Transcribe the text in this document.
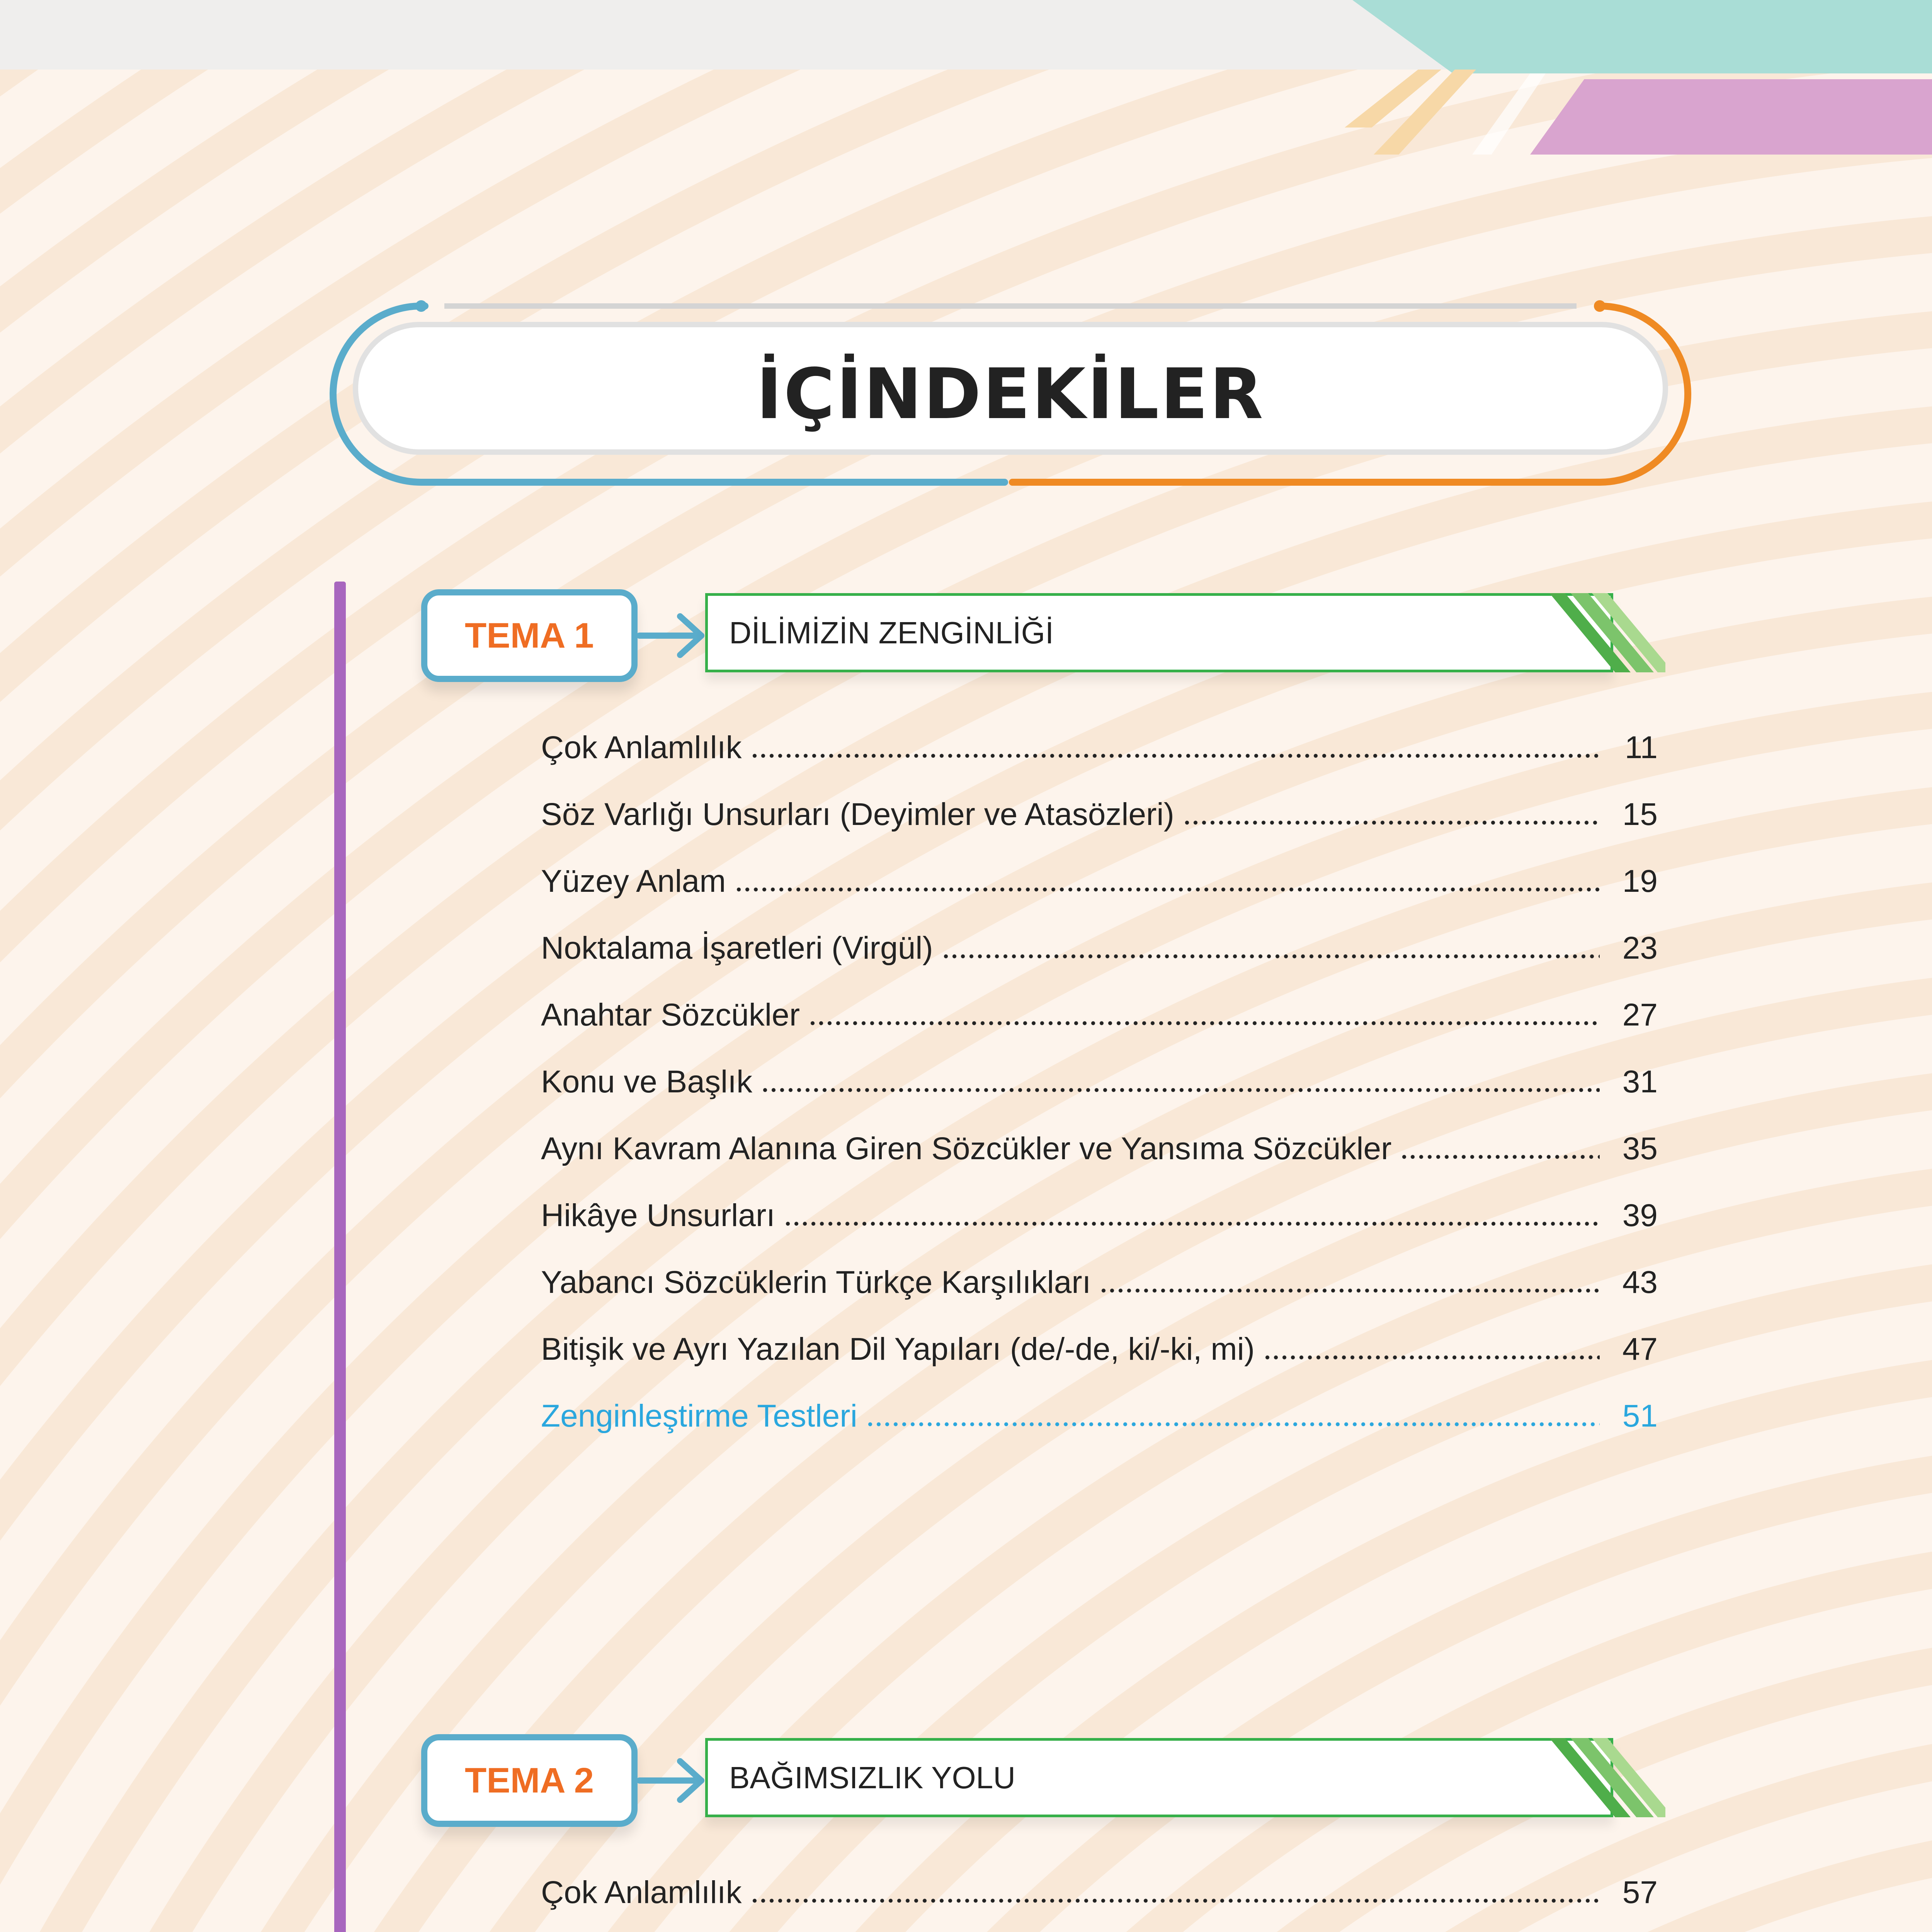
İÇİNDEKİLER
TEMA 1	DİLİMİZİN ZENGİNLİĞİ
Çok Anlamlılık	11
Söz Varlığı Unsurları (Deyimler ve Atasözleri)	15
Yüzey Anlam	19
Noktalama İşaretleri (Virgül)	23
Anahtar Sözcükler	27
Konu ve Başlık	31
Aynı Kavram Alanına Giren Sözcükler ve Yansıma Sözcükler	35
Hikâye Unsurları	39
Yabancı Sözcüklerin Türkçe Karşılıkları	43
Bitişik ve Ayrı Yazılan Dil Yapıları (de/-de, ki/-ki, mi)	47
Zenginleştirme Testleri	51
TEMA 2	BAĞIMSIZLIK YOLU
Çok Anlamlılık	57
